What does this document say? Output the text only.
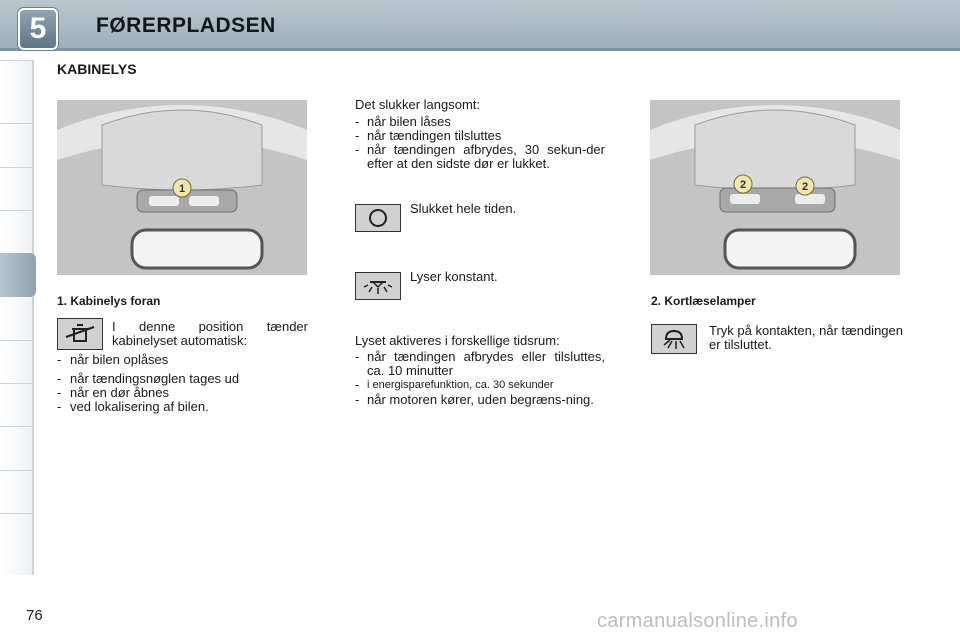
5	FØRERPLADSEN
KABINELYS
1
1. Kabinelys foran
I denne position tænder kabinelyset automatisk:
- når bilen oplåses
- når tændingsnøglen tages ud
- når en dør åbnes
- ved lokalisering af bilen.
Det slukker langsomt:
- når bilen låses
- når tændingen tilsluttes
- når tændingen afbrydes, 30 sekun-der efter at den sidste dør er lukket.
Slukket hele tiden.
Lyser konstant.
Lyset aktiveres i forskellige tidsrum:
- når tændingen afbrydes eller tilsluttes, ca. 10 minutter
- i energisparefunktion, ca. 30 sekunder
- når motoren kører, uden begræns-ning.
2	2
2. Kortlæselamper
Tryk på kontakten, når tændingen er tilsluttet.
76	carmanualsonline.info
